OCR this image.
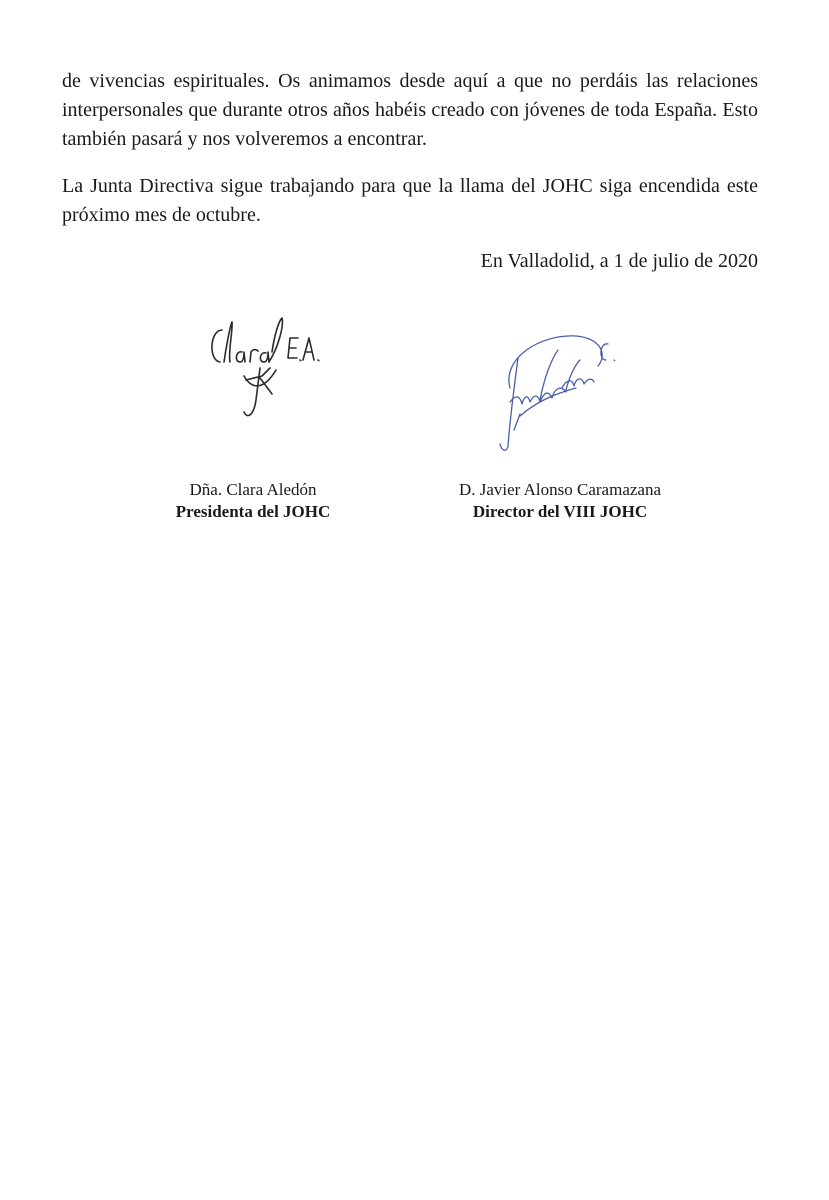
de vivencias espirituales. Os animamos desde aquí a que no perdáis las relaciones interpersonales que durante otros años habéis creado con jóvenes de toda España. Esto también pasará y nos volveremos a encontrar.

La Junta Directiva sigue trabajando para que la llama del JOHC siga encendida este próximo mes de octubre.

En Valladolid, a 1 de julio de 2020

Dña. Clara Aledón
Presidenta del JOHC
D. Javier Alonso Caramazana
Director del VIII JOHC
